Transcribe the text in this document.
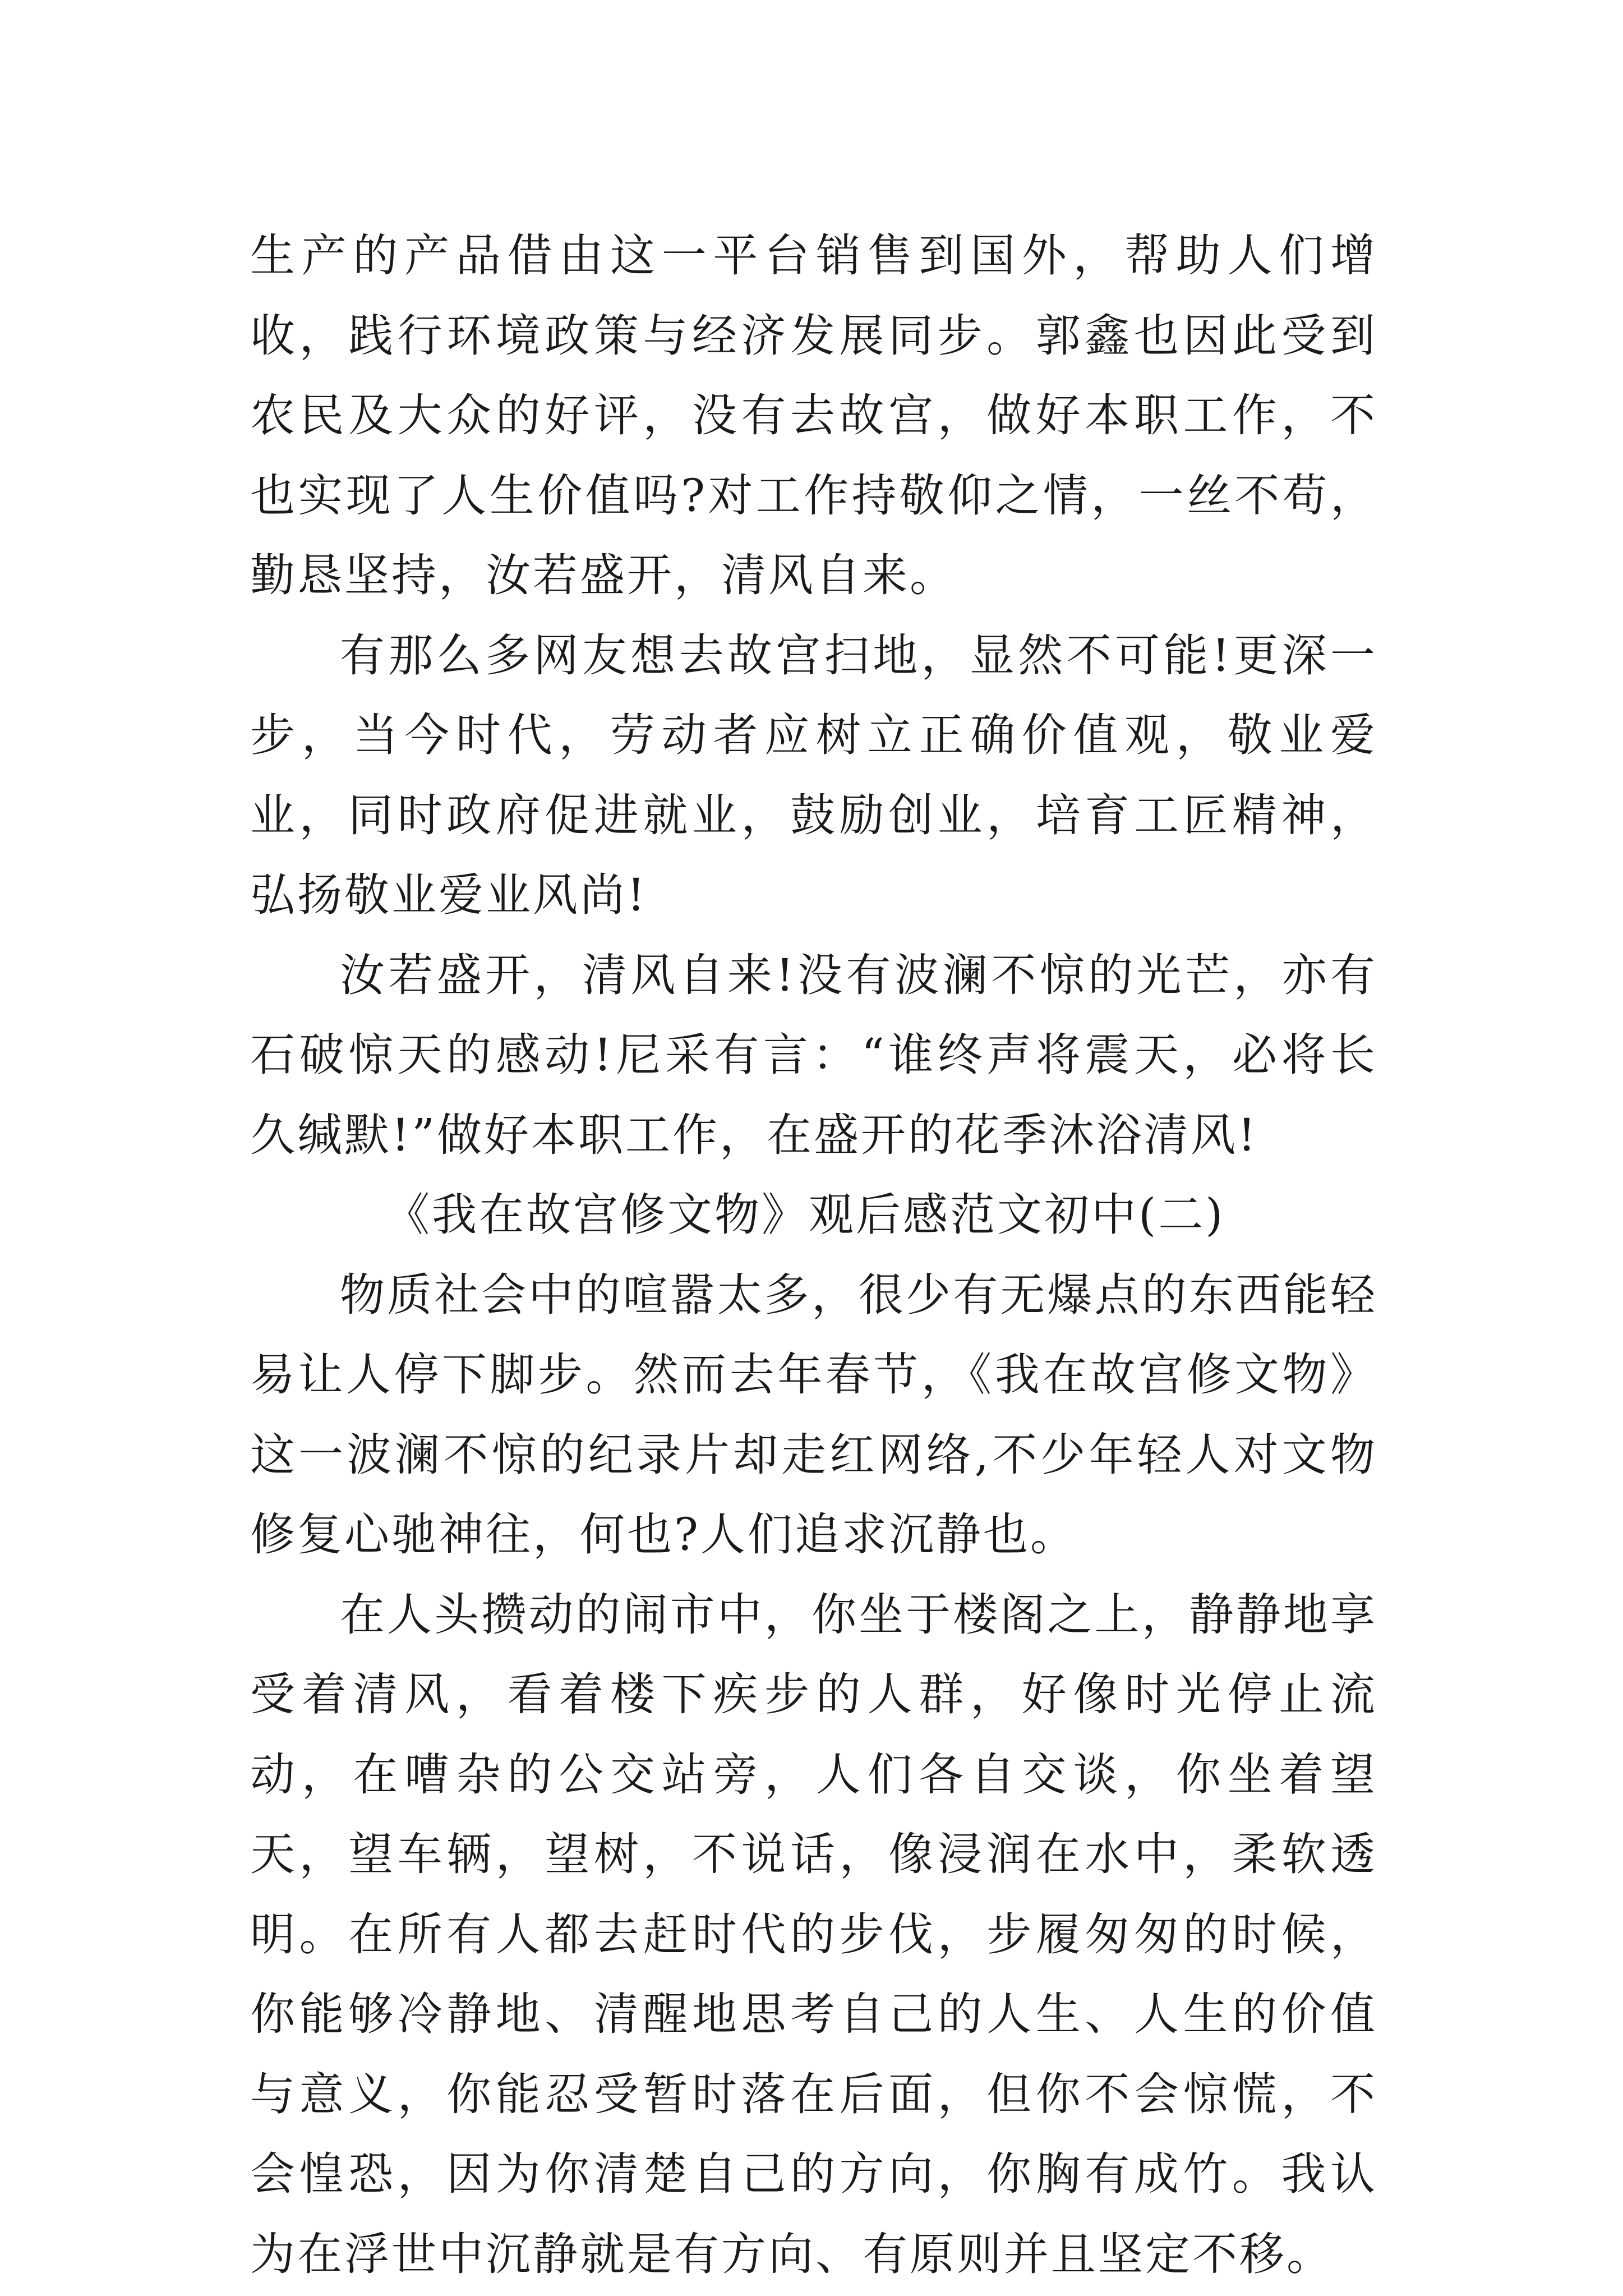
生产的产品借由这一平台销售到国外，帮助人们增收，践行环境政策与经济发展同步。郭鑫也因此受到农民及大众的好评，没有去故宫，做好本职工作，不也实现了人生价值吗?对工作持敬仰之情，一丝不苟，勤恳坚持，汝若盛开，清风自来。

有那么多网友想去故宫扫地，显然不可能!更深一步，当今时代，劳动者应树立正确价值观，敬业爱业，同时政府促进就业，鼓励创业，培育工匠精神，弘扬敬业爱业风尚!

汝若盛开，清风自来!没有波澜不惊的光芒，亦有石破惊天的感动!尼采有言：“谁终声将震天，必将长久缄默!”做好本职工作，在盛开的花季沐浴清风!

《我在故宫修文物》观后感范文初中(二)

物质社会中的喧嚣太多，很少有无爆点的东西能轻易让人停下脚步。然而去年春节，《我在故宫修文物》这一波澜不惊的纪录片却走红网络,不少年轻人对文物修复心驰神往，何也?人们追求沉静也。

在人头攒动的闹市中，你坐于楼阁之上，静静地享受着清风，看着楼下疾步的人群，好像时光停止流动，在嘈杂的公交站旁，人们各自交谈，你坐着望天，望车辆，望树，不说话，像浸润在水中，柔软透明。在所有人都去赶时代的步伐，步履匆匆的时候，你能够冷静地、清醒地思考自己的人生、人生的价值与意义，你能忍受暂时落在后面，但你不会惊慌，不会惶恐，因为你清楚自己的方向，你胸有成竹。我认为在浮世中沉静就是有方向、有原则并且坚定不移。
